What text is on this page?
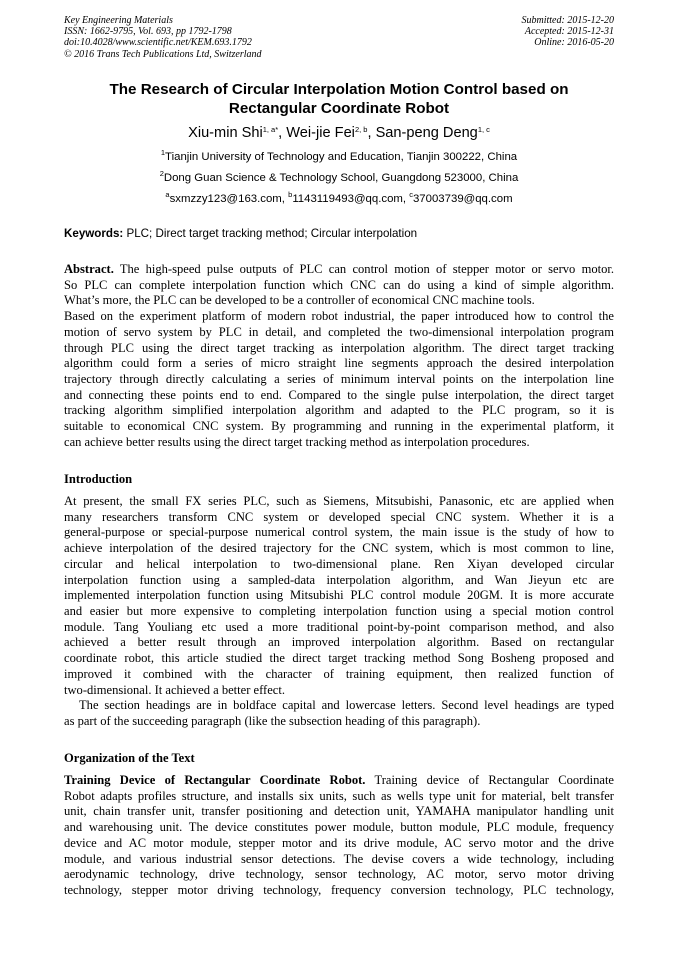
Key Engineering Materials
ISSN: 1662-9795, Vol. 693, pp 1792-1798
doi:10.4028/www.scientific.net/KEM.693.1792
© 2016 Trans Tech Publications Ltd, Switzerland
Submitted: 2015-12-20
Accepted: 2015-12-31
Online: 2016-05-20
The Research of Circular Interpolation Motion Control based on
Rectangular Coordinate Robot
Xiu-min Shi$^{1, a*}$, Wei-jie Fei$^{2, b}$, San-peng Deng$^{1, c}$
$^1$Tianjin University of Technology and Education, Tianjin 300222, China
$^2$Dong Guan Science & Technology School, Guangdong 523000, China
$^a$sxmzzy123@163.com, $^b$1143119493@qq.com, $^c$37003739@qq.com
Keywords: PLC; Direct target tracking method; Circular interpolation
Abstract. The high-speed pulse outputs of PLC can control motion of stepper motor or servo motor.
So PLC can complete interpolation function which CNC can do using a kind of simple algorithm.
What’s more, the PLC can be developed to be a controller of economical CNC machine tools.
Based on the experiment platform of modern robot industrial, the paper introduced how to control the
motion of servo system by PLC in detail, and completed the two-dimensional interpolation program
through PLC using the direct target tracking as interpolation algorithm. The direct target tracking
algorithm could form a series of micro straight line segments approach the desired interpolation
trajectory through directly calculating a series of minimum interval points on the interpolation line
and connecting these points end to end. Compared to the single pulse interpolation, the direct target
tracking algorithm simplified interpolation algorithm and adapted to the PLC program, so it is
suitable to economical CNC system. By programming and running in the experimental platform, it
can achieve better results using the direct target tracking method as interpolation procedures.
Introduction
At present, the small FX series PLC, such as Siemens, Mitsubishi, Panasonic, etc are applied when
many researchers transform CNC system or developed special CNC system. Whether it is a
general-purpose or special-purpose numerical control system, the main issue is the study of how to
achieve interpolation of the desired trajectory for the CNC system, which is most common to line,
circular and helical interpolation to two-dimensional plane. Ren Xiyan developed circular
interpolation function using a sampled-data interpolation algorithm, and Wan Jieyun etc are
implemented interpolation function using Mitsubishi PLC control module 20GM. It is more accurate
and easier but more expensive to completing interpolation function using a special motion control
module. Tang Youliang etc used a more traditional point-by-point comparison method, and also
achieved a better result through an improved interpolation algorithm. Based on rectangular
coordinate robot, this article studied the direct target tracking method Song Bosheng proposed and
improved it combined with the character of training equipment, then realized function of
two-dimensional. It achieved a better effect.
The section headings are in boldface capital and lowercase letters. Second level headings are typed
as part of the succeeding paragraph (like the subsection heading of this paragraph).
Organization of the Text
Training Device of Rectangular Coordinate Robot. Training device of Rectangular Coordinate
Robot adapts profiles structure, and installs six units, such as wells type unit for material, belt transfer
unit, chain transfer unit, transfer positioning and detection unit, YAMAHA manipulator handling unit
and warehousing unit. The device constitutes power module, button module, PLC module, frequency
device and AC motor module, stepper motor and its drive module, AC servo motor and the drive
module, and various industrial sensor detections. The devise covers a wide technology, including
aerodynamic technology, drive technology, sensor technology, AC motor, servo motor driving
technology, stepper motor driving technology, frequency conversion technology, PLC technology,
